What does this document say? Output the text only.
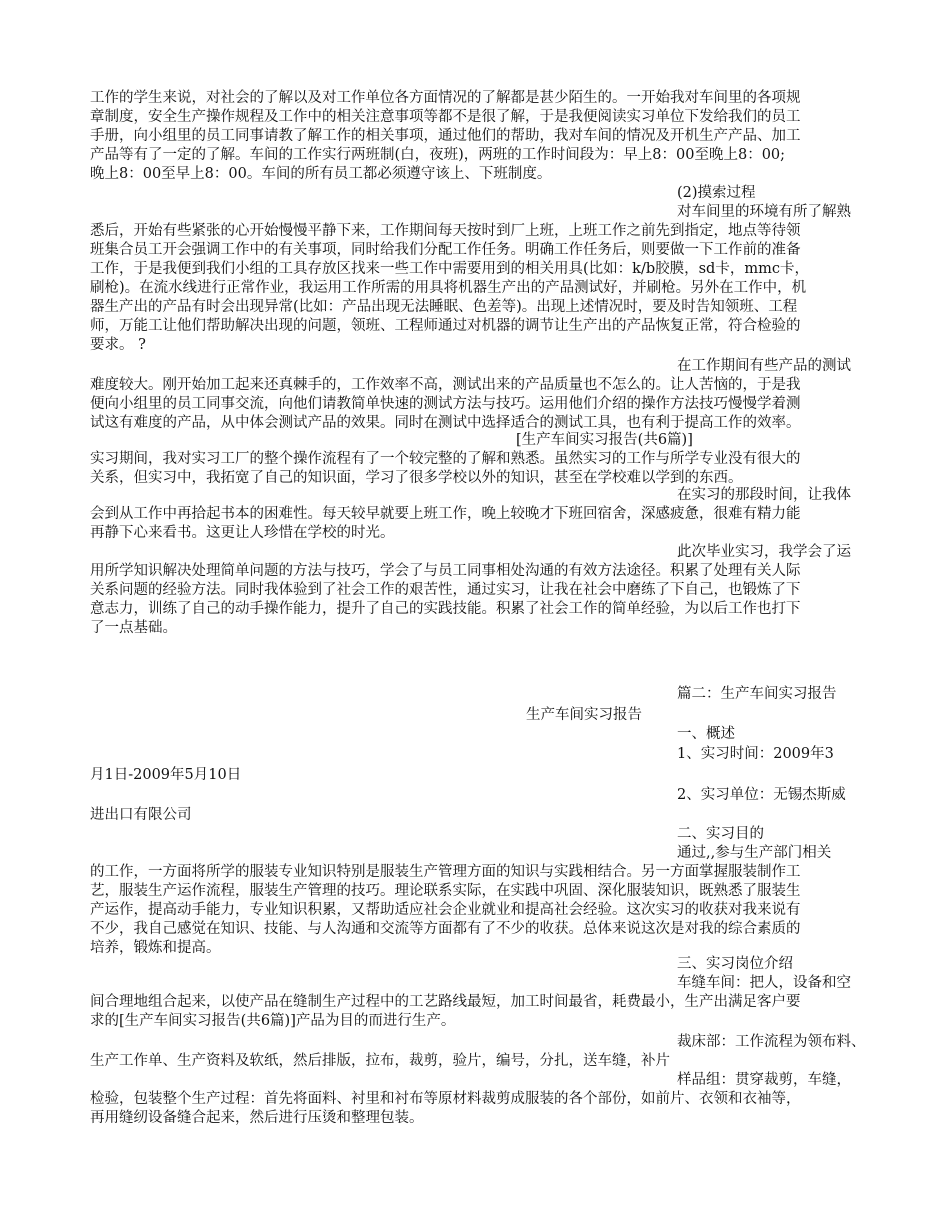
工作的学生来说，对社会的了解以及对工作单位各方面情况的了解都是甚少陌生的。一开始我对车间里的各项规
章制度，安全生产操作规程及工作中的相关注意事项等都不是很了解，于是我便阅读实习单位下发给我们的员工
手册，向小组里的员工同事请教了解工作的相关事项，通过他们的帮助，我对车间的情况及开机生产产品、加工
产品等有了一定的了解。车间的工作实行两班制(白，夜班)，两班的工作时间段为：早上8：00至晚上8：00;
晚上8：00至早上8：00。车间的所有员工都必须遵守该上、下班制度。
(2)摸索过程
对车间里的环境有所了解熟
悉后，开始有些紧张的心开始慢慢平静下来，工作期间每天按时到厂上班，上班工作之前先到指定，地点等待领
班集合员工开会强调工作中的有关事项，同时给我们分配工作任务。明确工作任务后，则要做一下工作前的准备
工作，于是我便到我们小组的工具存放区找来一些工作中需要用到的相关用具(比如：k/b胶膜，sd卡，mmc卡，
刷枪)。在流水线进行正常作业，我运用工作所需的用具将机器生产出的产品测试好，并刷枪。另外在工作中，机
器生产出的产品有时会出现异常(比如：产品出现无法睡眠、色差等)。出现上述情况时，要及时告知领班、工程
师，万能工让他们帮助解决出现的问题，领班、工程师通过对机器的调节让生产出的产品恢复正常，符合检验的
要求。 ?
在工作期间有些产品的测试
难度较大。刚开始加工起来还真棘手的，工作效率不高，测试出来的产品质量也不怎么的。让人苦恼的，于是我
便向小组里的员工同事交流，向他们请教简单快速的测试方法与技巧。运用他们介绍的操作方法技巧慢慢学着测
试这有难度的产品，从中体会测试产品的效果。同时在测试中选择适合的测试工具，也有利于提高工作的效率。
[生产车间实习报告(共6篇)]
实习期间，我对实习工厂的整个操作流程有了一个较完整的了解和熟悉。虽然实习的工作与所学专业没有很大的
关系，但实习中，我拓宽了自己的知识面，学习了很多学校以外的知识，甚至在学校难以学到的东西。
在实习的那段时间，让我体
会到从工作中再拾起书本的困难性。每天较早就要上班工作，晚上较晚才下班回宿舍，深感疲惫，很难有精力能
再静下心来看书。这更让人珍惜在学校的时光。
此次毕业实习，我学会了运
用所学知识解决处理简单问题的方法与技巧，学会了与员工同事相处沟通的有效方法途径。积累了处理有关人际
关系问题的经验方法。同时我体验到了社会工作的艰苦性，通过实习，让我在社会中磨练了下自己，也锻炼了下
意志力，训练了自己的动手操作能力，提升了自己的实践技能。积累了社会工作的简单经验，为以后工作也打下
了一点基础。
篇二：生产车间实习报告
生产车间实习报告
一、概述
1、实习时间：2009年3
月1日-2009年5月10日
2、实习单位：无锡杰斯威
进出口有限公司
二、实习目的
通过,,参与生产部门相关
的工作，一方面将所学的服装专业知识特别是服装生产管理方面的知识与实践相结合。另一方面掌握服装制作工
艺，服装生产运作流程，服装生产管理的技巧。理论联系实际，在实践中巩固、深化服装知识，既熟悉了服装生
产运作，提高动手能力，专业知识积累，又帮助适应社会企业就业和提高社会经验。这次实习的收获对我来说有
不少，我自己感觉在知识、技能、与人沟通和交流等方面都有了不少的收获。总体来说这次是对我的综合素质的
培养，锻炼和提高。
三、实习岗位介绍
车缝车间：把人，设备和空
间合理地组合起来，以使产品在缝制生产过程中的工艺路线最短，加工时间最省，耗费最小，生产出满足客户要
求的[生产车间实习报告(共6篇)]产品为目的而进行生产。
裁床部：工作流程为领布料、
生产工作单、生产资料及软纸，然后排版，拉布，裁剪，验片，编号，分扎，送车缝，补片
样品组：贯穿裁剪，车缝，
检验，包装整个生产过程：首先将面料、衬里和衬布等原材料裁剪成服装的各个部份，如前片、衣领和衣袖等，
再用缝纫设备缝合起来，然后进行压烫和整理包装。
